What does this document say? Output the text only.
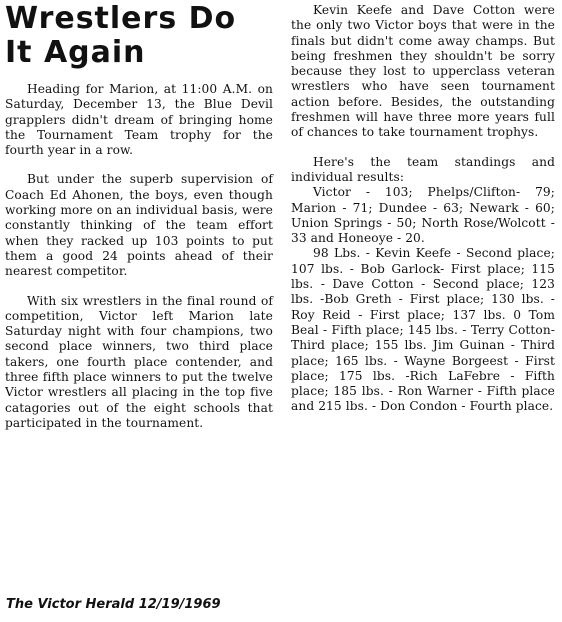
Wrestlers Do
It Again

Heading for Marion, at 11:00 A.M. on Saturday, December 13, the Blue Devil grapplers didn't dream of bringing home the Tournament Team trophy for the fourth year in a row.

But under the superb supervision of Coach Ed Ahonen, the boys, even though working more on an individual basis, were constantly thinking of the team effort when they racked up 103 points to put them a good 24 points ahead of their nearest competitor.

With six wrestlers in the final round of competition, Victor left Marion late Saturday night with four champions, two second place winners, two third place takers, one fourth place contender, and three fifth place winners to put the twelve Victor wrestlers all placing in the top five catagories out of the eight schools that participated in the tournament.

Kevin Keefe and Dave Cotton were the only two Victor boys that were in the finals but didn't come away champs. But being freshmen they shouldn't be sorry because they lost to upperclass veteran wrestlers who have seen tournament action before. Besides, the outstanding freshmen will have three more years full of chances to take tournament trophys.

Here's the team standings and individual results:

Victor - 103; Phelps/Clifton- 79; Marion - 71; Dundee - 63; Newark - 60; Union Springs - 50; North Rose/Wolcott - 33 and Honeoye - 20.

98 Lbs. - Kevin Keefe - Second place; 107 lbs. - Bob Garlock- First place; 115 lbs. - Dave Cotton - Second place; 123 lbs. -Bob Greth - First place; 130 lbs. - Roy Reid - First place; 137 lbs. 0 Tom Beal - Fifth place; 145 lbs. - Terry Cotton- Third place; 155 lbs. Jim Guinan - Third place; 165 lbs. - Wayne Borgeest - First place; 175 lbs. -Rich LaFebre - Fifth place; 185 lbs. - Ron Warner - Fifth place and 215 lbs. - Don Condon - Fourth place.

The Victor Herald 12/19/1969
